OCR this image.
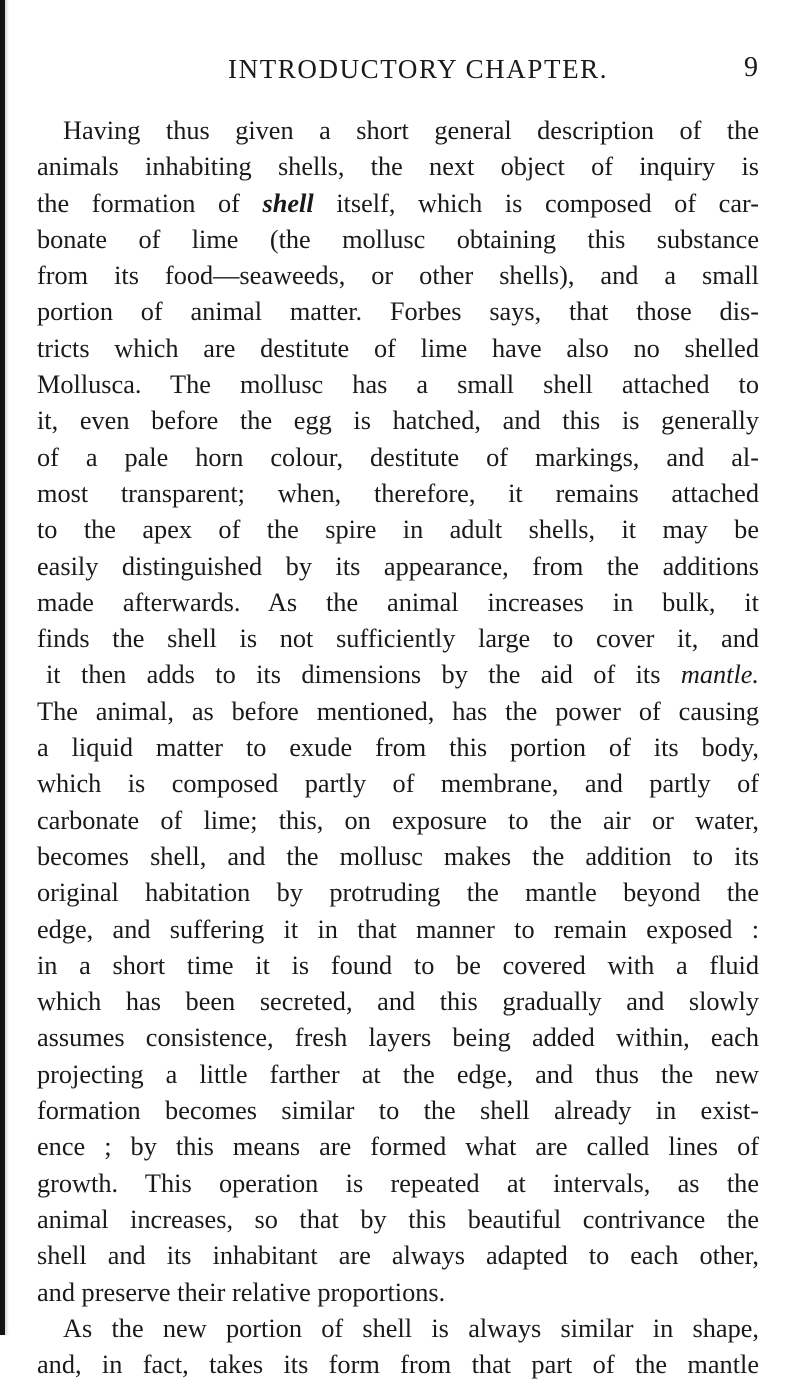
INTRODUCTORY CHAPTER.	9
Having thus given a short general description of the
animals inhabiting shells, the next object of inquiry is
the formation of shell itself, which is composed of car-
bonate of lime (the mollusc obtaining this substance
from its food—seaweeds, or other shells), and a small
portion of animal matter. Forbes says, that those dis-
tricts which are destitute of lime have also no shelled
Mollusca. The mollusc has a small shell attached to
it, even before the egg is hatched, and this is generally
of a pale horn colour, destitute of markings, and al-
most transparent; when, therefore, it remains attached
to the apex of the spire in adult shells, it may be
easily distinguished by its appearance, from the additions
made afterwards. As the animal increases in bulk, it
finds the shell is not sufficiently large to cover it, and
it then adds to its dimensions by the aid of its mantle.
The animal, as before mentioned, has the power of causing
a liquid matter to exude from this portion of its body,
which is composed partly of membrane, and partly of
carbonate of lime; this, on exposure to the air or water,
becomes shell, and the mollusc makes the addition to its
original habitation by protruding the mantle beyond the
edge, and suffering it in that manner to remain exposed :
in a short time it is found to be covered with a fluid
which has been secreted, and this gradually and slowly
assumes consistence, fresh layers being added within, each
projecting a little farther at the edge, and thus the new
formation becomes similar to the shell already in exist-
ence ; by this means are formed what are called lines of
growth. This operation is repeated at intervals, as the
animal increases, so that by this beautiful contrivance the
shell and its inhabitant are always adapted to each other,
and preserve their relative proportions.
As the new portion of shell is always similar in shape,
and, in fact, takes its form from that part of the mantle
